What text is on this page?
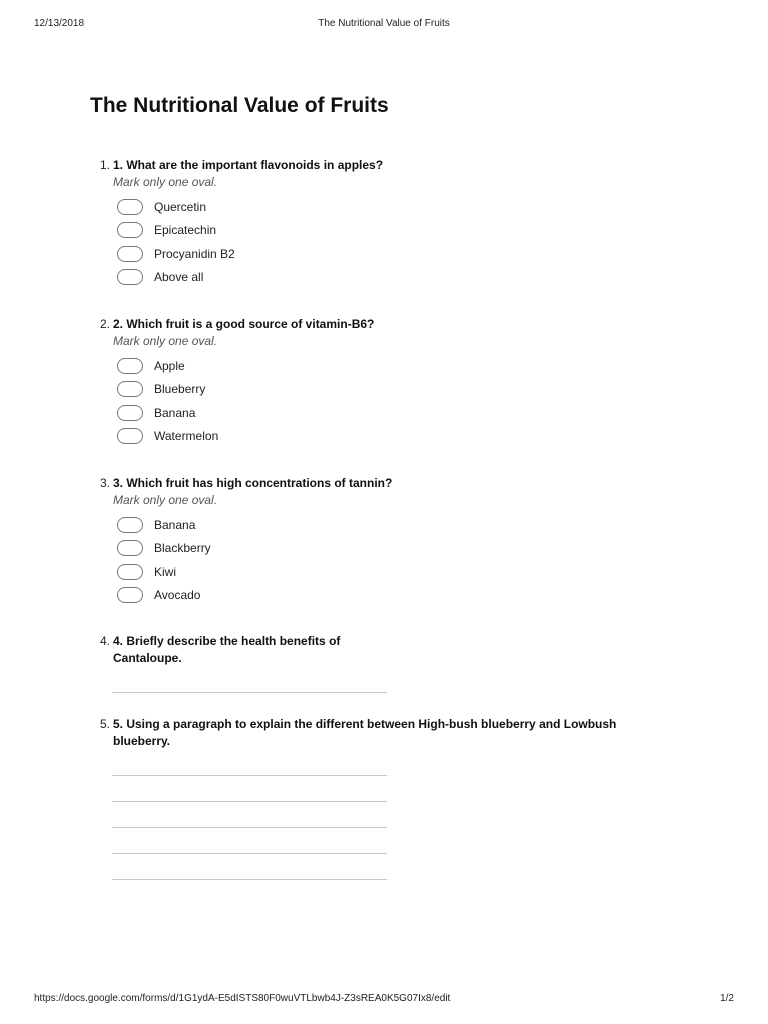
12/13/2018	The Nutritional Value of Fruits
The Nutritional Value of Fruits
1. 1. What are the important flavonoids in apples?
Mark only one oval.
Quercetin
Epicatechin
Procyanidin B2
Above all
2. 2. Which fruit is a good source of vitamin-B6?
Mark only one oval.
Apple
Blueberry
Banana
Watermelon
3. 3. Which fruit has high concentrations of tannin?
Mark only one oval.
Banana
Blackberry
Kiwi
Avocado
4. 4. Briefly describe the health benefits of
Cantaloupe.
5. 5. Using a paragraph to explain the different between High-bush blueberry and Lowbush
blueberry.
https://docs.google.com/forms/d/1G1ydA-E5dISTS80F0wuVTLbwb4J-Z3sREA0K5G07Ix8/edit	1/2
